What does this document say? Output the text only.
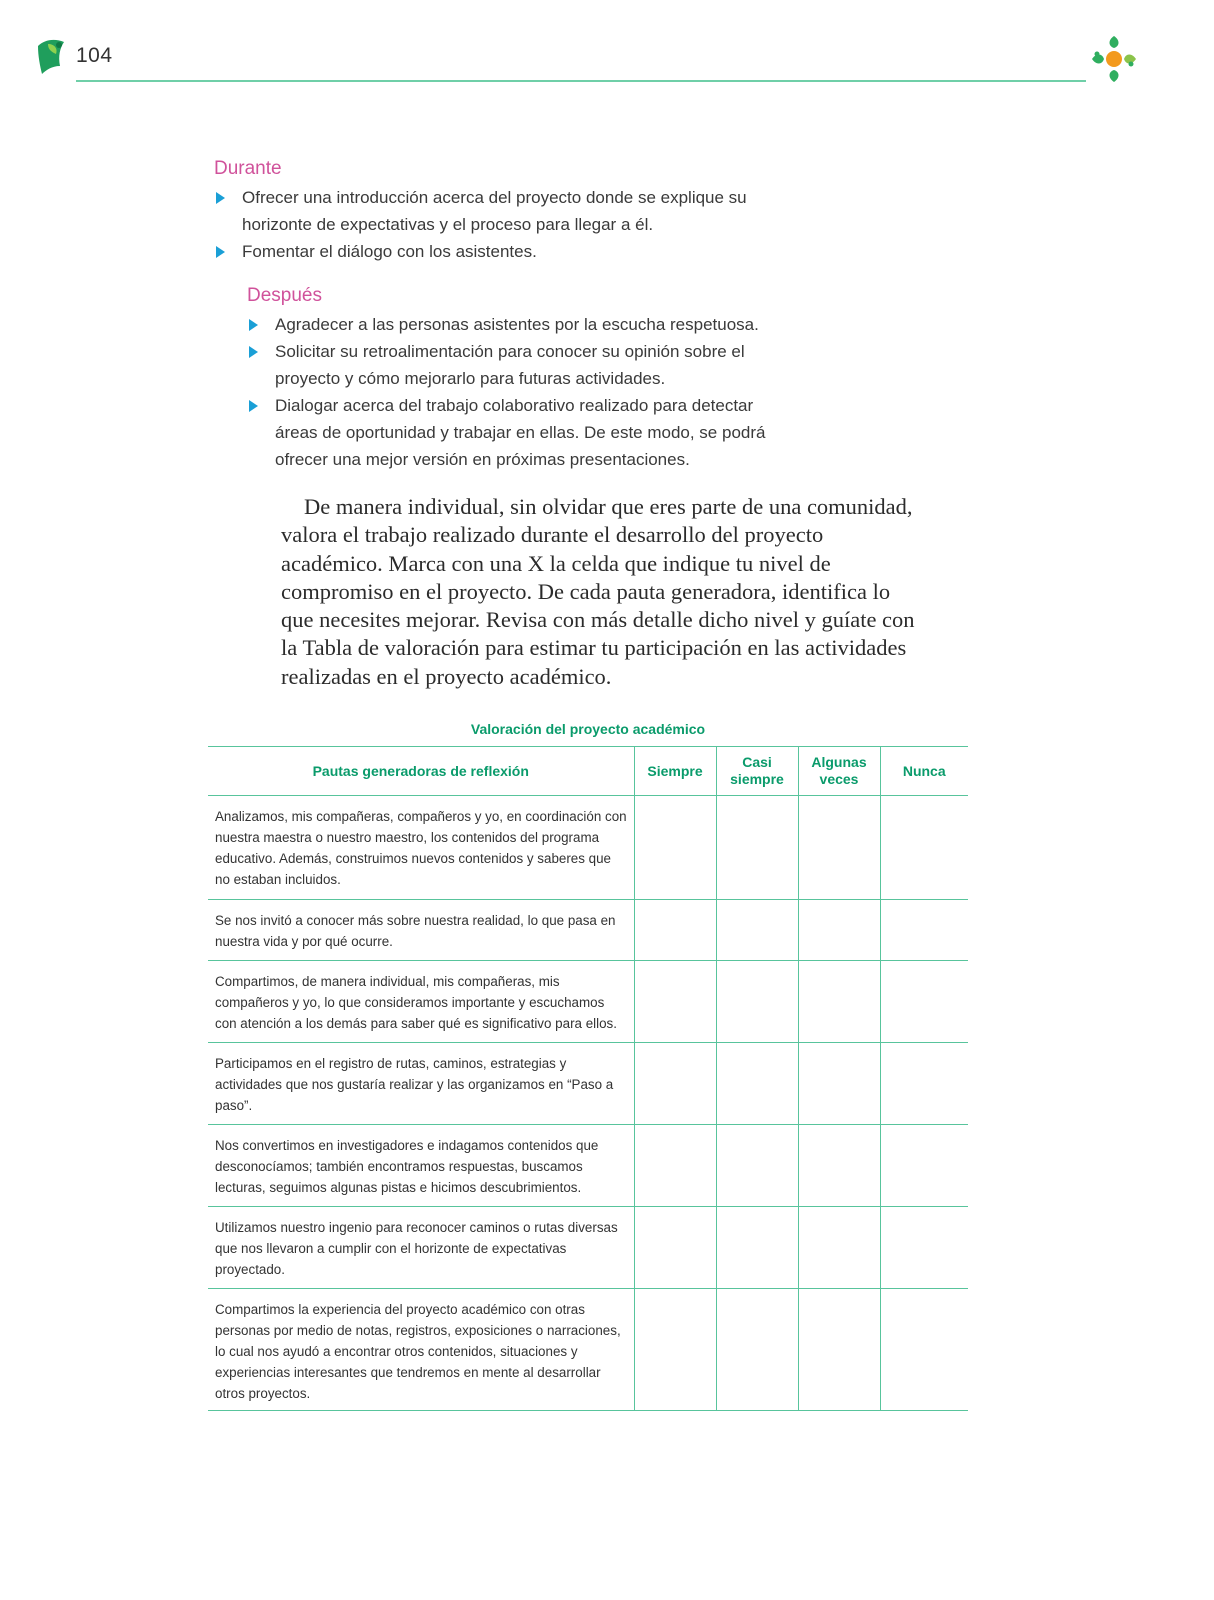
104
Durante
Ofrecer una introducción acerca del proyecto donde se explique su horizonte de expectativas y el proceso para llegar a él.
Fomentar el diálogo con los asistentes.
Después
Agradecer a las personas asistentes por la escucha respetuosa.
Solicitar su retroalimentación para conocer su opinión sobre el proyecto y cómo mejorarlo para futuras actividades.
Dialogar acerca del trabajo colaborativo realizado para detectar áreas de oportunidad y trabajar en ellas. De este modo, se podrá ofrecer una mejor versión en próximas presentaciones.

De manera individual, sin olvidar que eres parte de una comunidad, valora el trabajo realizado durante el desarrollo del proyecto académico. Marca con una X la celda que indique tu nivel de compromiso en el proyecto. De cada pauta generadora, identifica lo que necesites mejorar. Revisa con más detalle dicho nivel y guíate con la Tabla de valoración para estimar tu participación en las actividades realizadas en el proyecto académico.

Valoración del proyecto académico
Pautas generadoras de reflexión	Siempre	Casi siempre	Algunas veces	Nunca
Analizamos, mis compañeras, compañeros y yo, en coordinación con nuestra maestra o nuestro maestro, los contenidos del programa educativo. Además, construimos nuevos contenidos y saberes que no estaban incluidos.				
Se nos invitó a conocer más sobre nuestra realidad, lo que pasa en nuestra vida y por qué ocurre.				
Compartimos, de manera individual, mis compañeras, mis compañeros y yo, lo que consideramos importante y escuchamos con atención a los demás para saber qué es significativo para ellos.				
Participamos en el registro de rutas, caminos, estrategias y actividades que nos gustaría realizar y las organizamos en “Paso a paso”.				
Nos convertimos en investigadores e indagamos contenidos que desconocíamos; también encontramos respuestas, buscamos lecturas, seguimos algunas pistas e hicimos descubrimientos.				
Utilizamos nuestro ingenio para reconocer caminos o rutas diversas que nos llevaron a cumplir con el horizonte de expectativas proyectado.				
Compartimos la experiencia del proyecto académico con otras personas por medio de notas, registros, exposiciones o narraciones, lo cual nos ayudó a encontrar otros contenidos, situaciones y experiencias interesantes que tendremos en mente al desarrollar otros proyectos.				
